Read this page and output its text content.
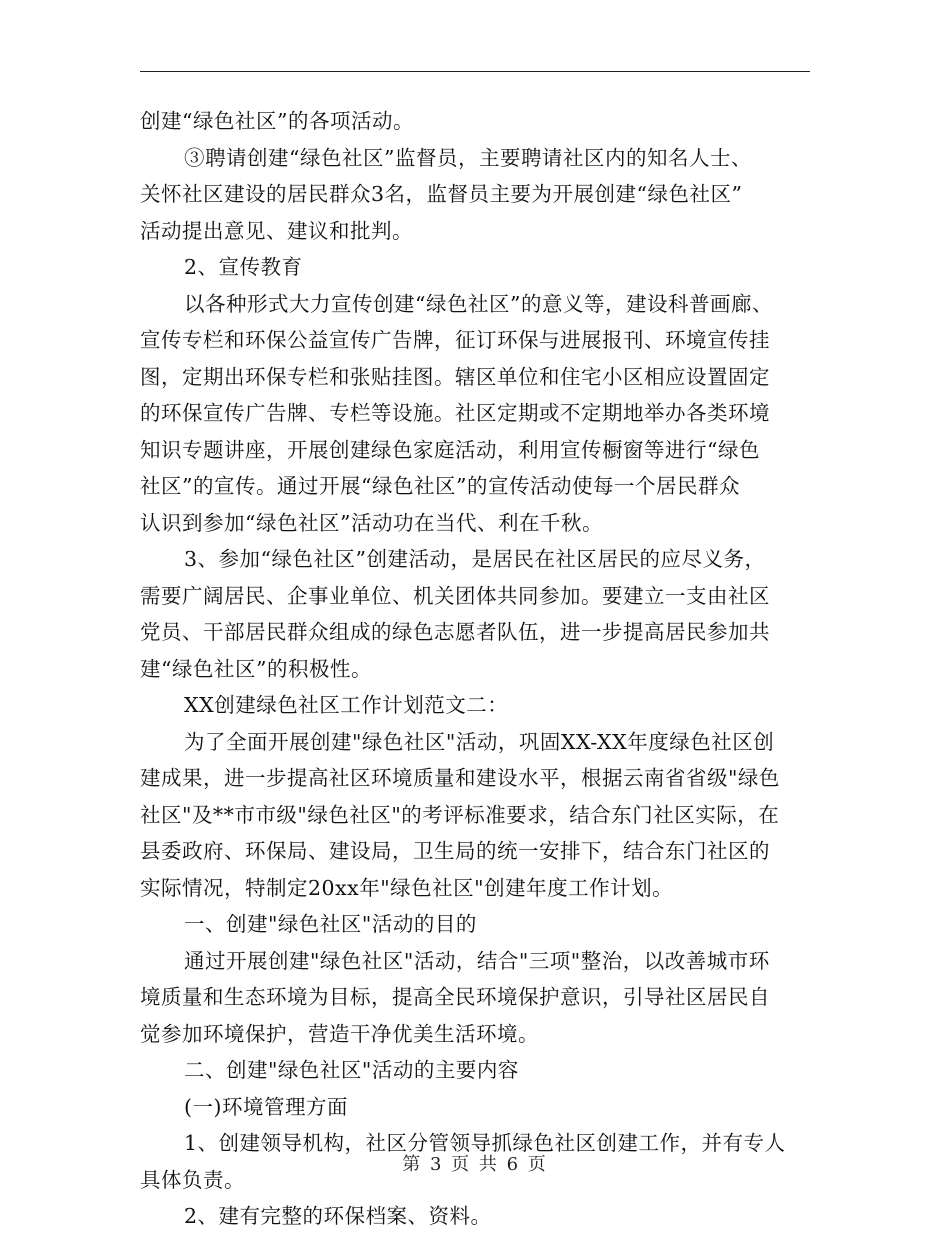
创建“绿色社区”的各项活动。
③聘请创建“绿色社区”监督员，主要聘请社区内的知名人士、
关怀社区建设的居民群众3名，监督员主要为开展创建“绿色社区”
活动提出意见、建议和批判。
2、宣传教育
以各种形式大力宣传创建“绿色社区”的意义等，建设科普画廊、
宣传专栏和环保公益宣传广告牌，征订环保与进展报刊、环境宣传挂
图，定期出环保专栏和张贴挂图。辖区单位和住宅小区相应设置固定
的环保宣传广告牌、专栏等设施。社区定期或不定期地举办各类环境
知识专题讲座，开展创建绿色家庭活动，利用宣传橱窗等进行“绿色
社区”的宣传。通过开展“绿色社区”的宣传活动使每一个居民群众
认识到参加“绿色社区”活动功在当代、利在千秋。
3、参加“绿色社区”创建活动，是居民在社区居民的应尽义务，
需要广阔居民、企事业单位、机关团体共同参加。要建立一支由社区
党员、干部居民群众组成的绿色志愿者队伍，进一步提高居民参加共
建“绿色社区”的积极性。
XX创建绿色社区工作计划范文二：
为了全面开展创建"绿色社区"活动，巩固XX-XX年度绿色社区创
建成果，进一步提高社区环境质量和建设水平，根据云南省省级"绿色
社区"及**市市级"绿色社区"的考评标准要求，结合东门社区实际，在
县委政府、环保局、建设局，卫生局的统一安排下，结合东门社区的
实际情况，特制定20xx年"绿色社区"创建年度工作计划。
一、创建"绿色社区"活动的目的
通过开展创建"绿色社区"活动，结合"三项"整治，以改善城市环
境质量和生态环境为目标，提高全民环境保护意识，引导社区居民自
觉参加环境保护，营造干净优美生活环境。
二、创建"绿色社区"活动的主要内容
(一)环境管理方面
1、创建领导机构，社区分管领导抓绿色社区创建工作，并有专人
具体负责。
2、建有完整的环保档案、资料。
第 3 页 共 6 页
